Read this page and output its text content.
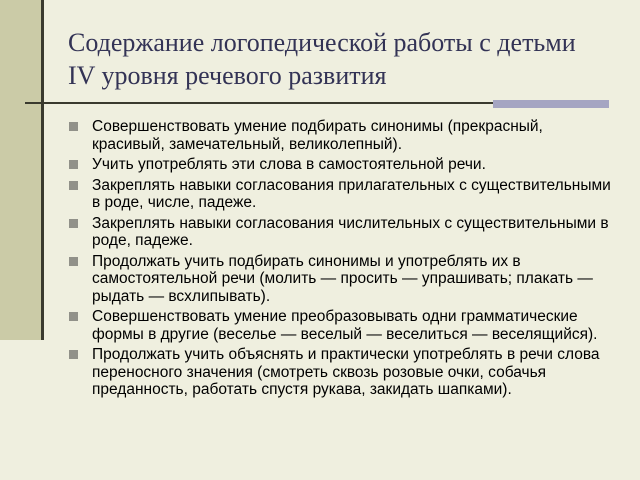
Содержание логопедической работы с детьми IV уровня речевого развития
Совершенствовать умение подбирать синонимы (прекрасный, красивый, замечательный, великолепный).
Учить употреблять эти слова в самостоятельной речи.
Закреплять навыки согласования прилагательных с существительными в роде, числе, падеже.
Закреплять навыки согласования числительных с существительными в роде, падеже.
Продолжать учить подбирать синонимы и употреблять их в самостоятельной речи (молить — просить — упрашивать; плакать — рыдать — всхлипывать).
Совершенствовать умение преобразовывать одни грамматические формы в другие (веселье — веселый — веселиться — веселящийся).
Продолжать учить объяснять и практически употреблять в речи слова переносного значения (смотреть сквозь розовые очки, собачья преданность, работать спустя рукава, закидать шапками).
